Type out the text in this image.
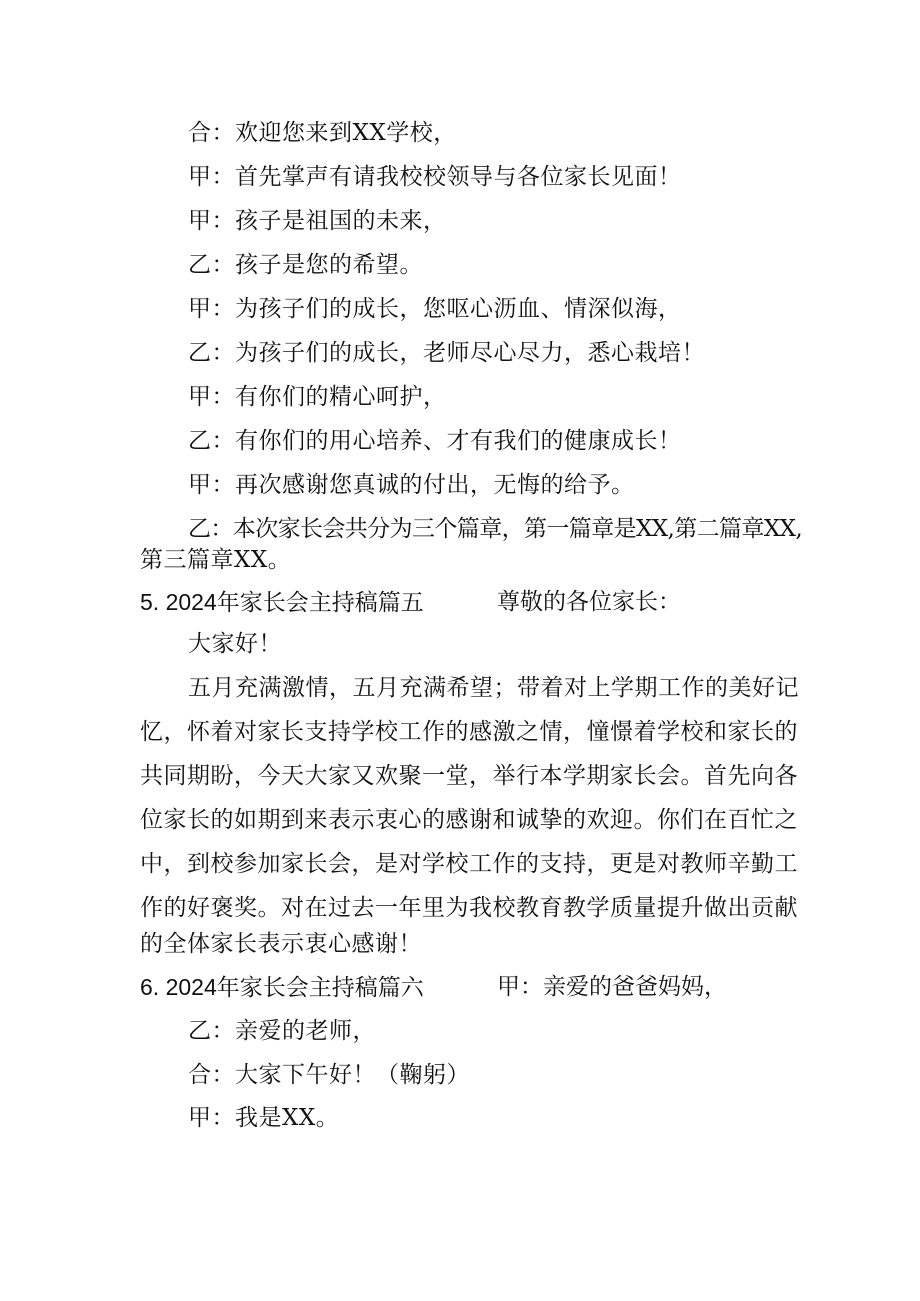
合：欢迎您来到XX学校，
甲：首先掌声有请我校校领导与各位家长见面！
甲：孩子是祖国的未来，
乙：孩子是您的希望。
甲：为孩子们的成长，您呕心沥血、情深似海，
乙：为孩子们的成长，老师尽心尽力，悉心栽培！
甲：有你们的精心呵护，
乙：有你们的用心培养、才有我们的健康成长！
甲：再次感谢您真诚的付出，无悔的给予。
乙：本次家长会共分为三个篇章，第一篇章是XX,第二篇章XX,
第三篇章XX。
5. 2024年家长会主持稿篇五	尊敬的各位家长：
大家好！
五月充满激情，五月充满希望；带着对上学期工作的美好记
忆，怀着对家长支持学校工作的感激之情，憧憬着学校和家长的
共同期盼，今天大家又欢聚一堂，举行本学期家长会。首先向各
位家长的如期到来表示衷心的感谢和诚挚的欢迎。你们在百忙之
中，到校参加家长会，是对学校工作的支持，更是对教师辛勤工
作的好褒奖。对在过去一年里为我校教育教学质量提升做出贡献
的全体家长表示衷心感谢！
6. 2024年家长会主持稿篇六	甲：亲爱的爸爸妈妈，
乙：亲爱的老师，
合：大家下午好！（鞠躬）
甲：我是XX。
